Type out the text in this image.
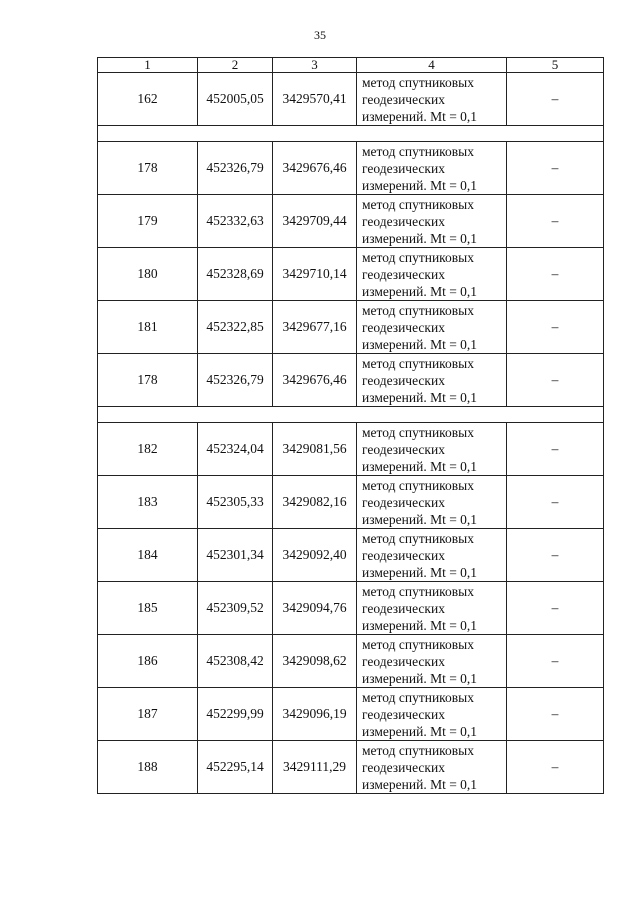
35
1	2	3	4	5
162	452005,05	3429570,41	метод спутниковых
геодезических
измерений. Mt = 0,1	–

178	452326,79	3429676,46	метод спутниковых
геодезических
измерений. Mt = 0,1	–
179	452332,63	3429709,44	метод спутниковых
геодезических
измерений. Mt = 0,1	–
180	452328,69	3429710,14	метод спутниковых
геодезических
измерений. Mt = 0,1	–
181	452322,85	3429677,16	метод спутниковых
геодезических
измерений. Mt = 0,1	–
178	452326,79	3429676,46	метод спутниковых
геодезических
измерений. Mt = 0,1	–

182	452324,04	3429081,56	метод спутниковых
геодезических
измерений. Mt = 0,1	–
183	452305,33	3429082,16	метод спутниковых
геодезических
измерений. Mt = 0,1	–
184	452301,34	3429092,40	метод спутниковых
геодезических
измерений. Mt = 0,1	–
185	452309,52	3429094,76	метод спутниковых
геодезических
измерений. Mt = 0,1	–
186	452308,42	3429098,62	метод спутниковых
геодезических
измерений. Mt = 0,1	–
187	452299,99	3429096,19	метод спутниковых
геодезических
измерений. Mt = 0,1	–
188	452295,14	3429111,29	метод спутниковых
геодезических
измерений. Mt = 0,1	–
